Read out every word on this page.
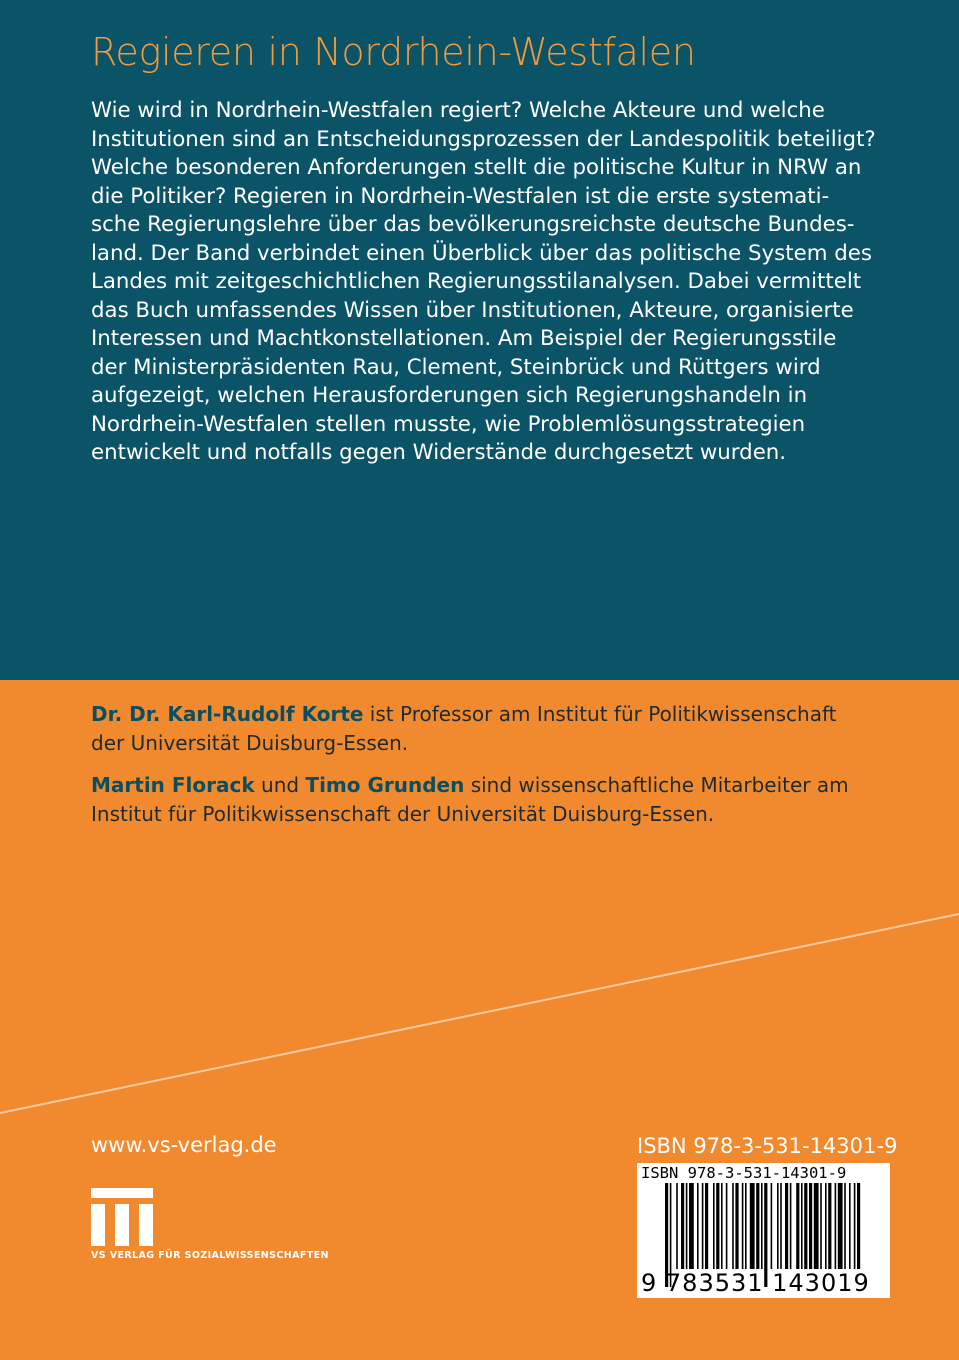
Regieren in Nordrhein-Westfalen
Wie wird in Nordrhein-Westfalen regiert? Welche Akteure und welche
Institutionen sind an Entscheidungsprozessen der Landespolitik beteiligt?
Welche besonderen Anforderungen stellt die politische Kultur in NRW an
die Politiker? Regieren in Nordrhein-Westfalen ist die erste systemati-
sche Regierungslehre über das bevölkerungsreichste deutsche Bundes-
land. Der Band verbindet einen Überblick über das politische System des
Landes mit zeitgeschichtlichen Regierungsstilanalysen. Dabei vermittelt
das Buch umfassendes Wissen über Institutionen, Akteure, organisierte
Interessen und Machtkonstellationen. Am Beispiel der Regierungsstile
der Ministerpräsidenten Rau, Clement, Steinbrück und Rüttgers wird
aufgezeigt, welchen Herausforderungen sich Regierungshandeln in
Nordrhein-Westfalen stellen musste, wie Problemlösungsstrategien
entwickelt und notfalls gegen Widerstände durchgesetzt wurden.

Dr. Dr. Karl-Rudolf Korte ist Professor am Institut für Politikwissenschaft
der Universität Duisburg-Essen.

Martin Florack und Timo Grunden sind wissenschaftliche Mitarbeiter am
Institut für Politikwissenschaft der Universität Duisburg-Essen.

www.vs-verlag.de
VS VERLAG FÜR SOZIALWISSENSCHAFTEN
ISBN 978-3-531-14301-9
ISBN 978-3-531-14301-9
9 783531 143019
